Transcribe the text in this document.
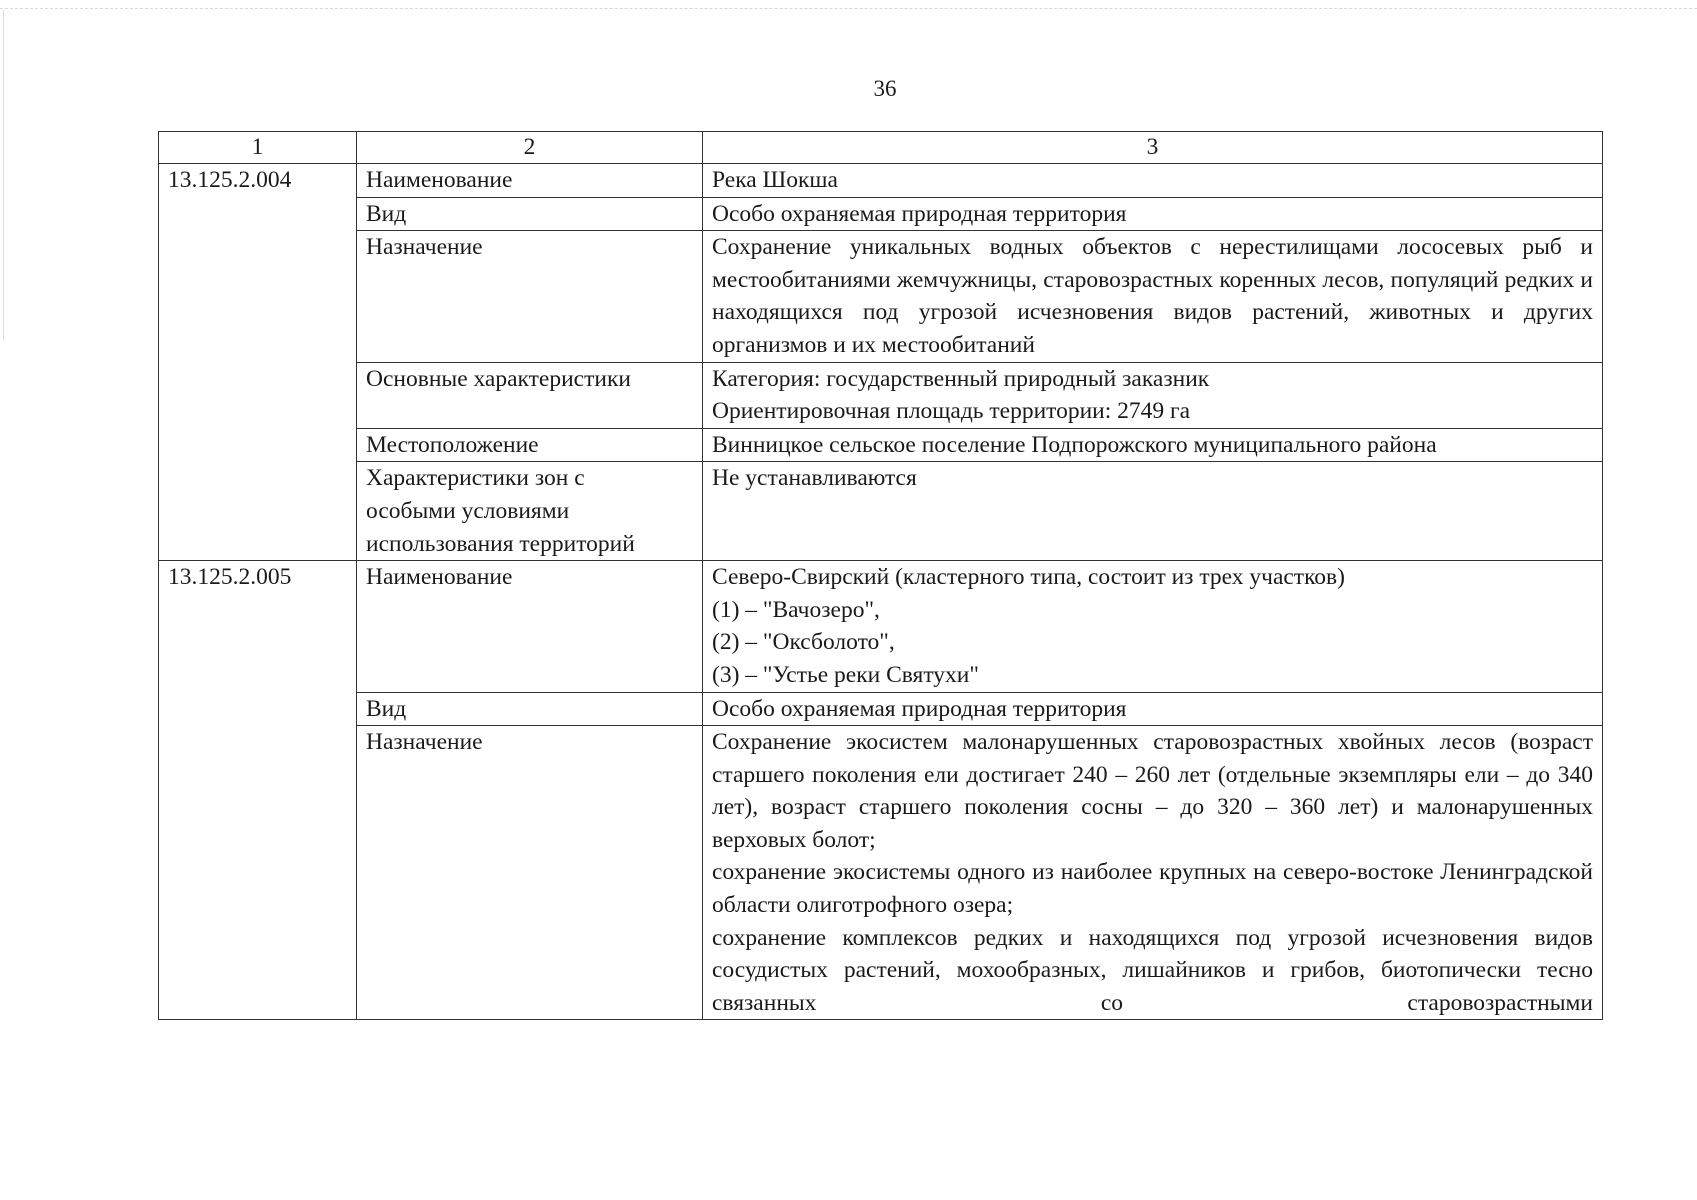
36
1	2	3
13.125.2.004	Наименование	Река Шокша

	Вид	Особо охраняемая природная территория

	Назначение	Сохранение уникальных водных объектов с нерестилищами лососевых рыб и местообитаниями жемчужницы, старовозрастных коренных лесов, популяций редких и находящихся под угрозой исчезновения видов растений, животных и других организмов и их местообитаний

	Основные характеристики	Категория: государственный природный заказник
Ориентировочная площадь территории: 2749 га

	Местоположение	Винницкое сельское поселение Подпорожского муниципального района

	Характеристики зон с особыми условиями использования территорий	Не устанавливаются

13.125.2.005	Наименование	Северо-Свирский (кластерного типа, состоит из трех участков)
(1) – "Вачозеро",
(2) – "Оксболото",
(3) – "Устье реки Святухи"

	Вид	Особо охраняемая природная территория

	Назначение	Сохранение экосистем малонарушенных старовозрастных хвойных лесов (возраст старшего поколения ели достигает 240 – 260 лет (отдельные экземпляры ели – до 340 лет), возраст старшего поколения сосны – до 320 – 360 лет) и малонарушенных верховых болот;
сохранение экосистемы одного из наиболее крупных на северо-востоке Ленинградской области олиготрофного озера;
сохранение комплексов редких и находящихся под угрозой исчезновения видов сосудистых растений, мохообразных, лишайников и грибов, биотопически тесно связанных со старовозрастными
